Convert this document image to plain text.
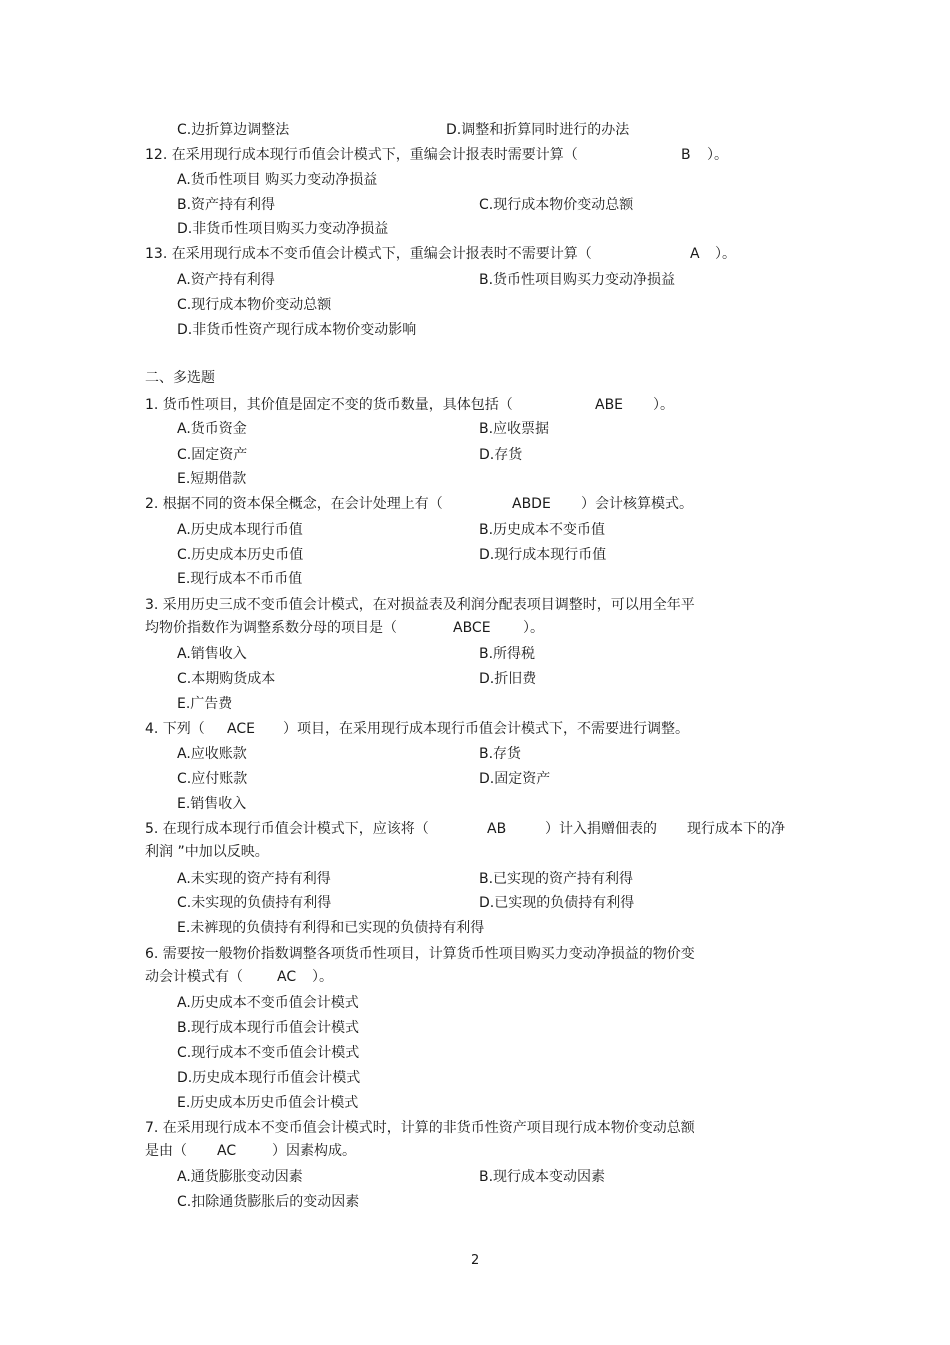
C.边折算边调整法	D.调整和折算同时进行的办法
12. 在采用现行成本现行币值会计模式下，重编会计报表时需要计算（	B ）。
A.货币性项目 购买力变动净损益
B.资产持有利得	C.现行成本物价变动总额
D.非货币性项目购买力变动净损益
13. 在采用现行成本不变币值会计模式下，重编会计报表时不需要计算（	A ）。
A.资产持有利得	B.货币性项目购买力变动净损益
C.现行成本物价变动总额
D.非货币性资产现行成本物价变动影响
二、多选题
1. 货币性项目，其价值是固定不变的货币数量，具体包括（	ABE ）。
A.货币资金	B.应收票据
C.固定资产	D.存货
E.短期借款
2. 根据不同的资本保全概念，在会计处理上有（	ABDE ）会计核算模式。
A.历史成本现行币值	B.历史成本不变币值
C.历史成本历史币值	D.现行成本现行币值
E.现行成本不币币值
3. 采用历史三成不变币值会计模式，在对损益表及利润分配表项目调整时，可以用全年平
均物价指数作为调整系数分母的项目是（	ABCE ）。
A.销售收入	B.所得税
C.本期购货成本	D.折旧费
E.广告费
4. 下列（ ACE ）项目，在采用现行成本现行币值会计模式下，不需要进行调整。
A.应收账款	B.存货
C.应付账款	D.固定资产
E.销售收入
5. 在现行成本现行币值会计模式下，应该将（	AB	）计入捐赠佃表的 现行成本下的净
利润 ”中加以反映。
A.未实现的资产持有利得	B.已实现的资产持有利得
C.未实现的负债持有利得	D.已实现的负债持有利得
E.未裤现的负债持有利得和已实现的负债持有利得
6. 需要按一般物价指数调整各项货币性项目，计算货币性项目购买力变动净损益的物价变
动会计模式有（ AC ）。
A.历史成本不变币值会计模式
B.现行成本现行币值会计模式
C.现行成本不变币值会计模式
D.历史成本现行币值会计模式
E.历史成本历史币值会计模式
7. 在采用现行成本不变币值会计模式时，计算的非货币性资产项目现行成本物价变动总额
是由（ AC	）因素构成。
A.通货膨胀变动因素	B.现行成本变动因素
C.扣除通货膨胀后的变动因素
2
